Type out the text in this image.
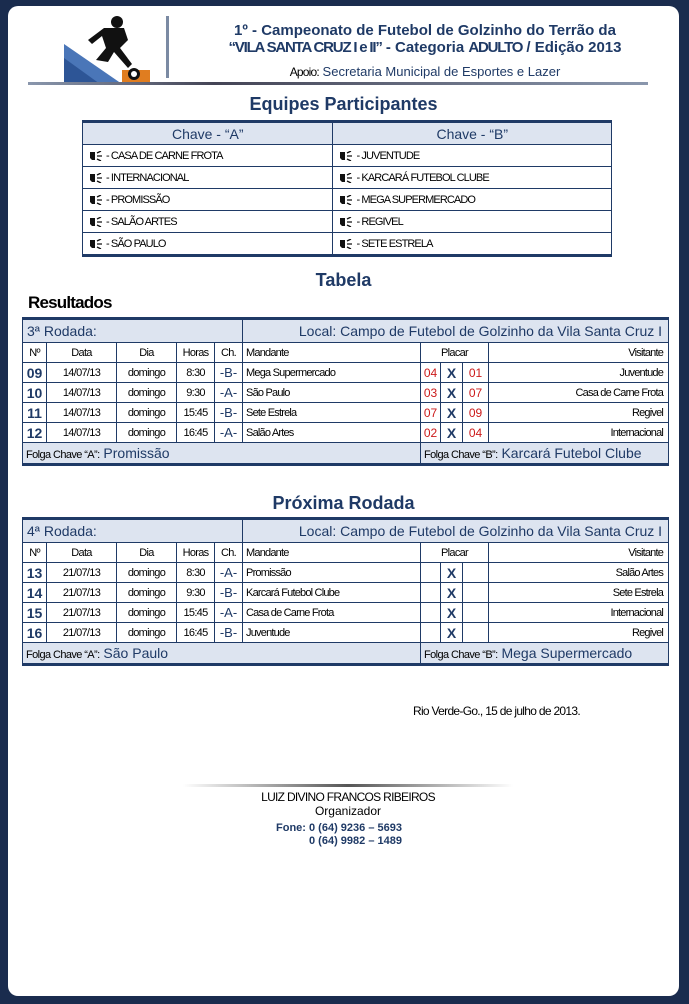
1º - Campeonato de Futebol de Golzinho do Terrão da
“VILA SANTA CRUZ I e II” - Categoria ADULTO / Edição 2013
Apoio: Secretaria Municipal de Esportes e Lazer
Equipes Participantes
Chave - “A”	Chave - “B”
- CASA DE CARNE FROTA	- JUVENTUDE
- INTERNACIONAL	- KARCARÁ FUTEBOL CLUBE
- PROMISSÃO	- MEGA SUPERMERCADO
- SALÃO ARTES	- REGIVEL
- SÃO PAULO	- SETE ESTRELA
Tabela
Resultados
3ª Rodada:					Local: Campo de Futebol de Golzinho da Vila Santa Cruz I				
Nº	Data	Dia	Horas	Ch.	Mandante	Placar			Visitante
09	14/07/13	domingo	8:30	-B-	Mega Supermercado	04	X	01	Juventude
10	14/07/13	domingo	9:30	-A-	São Paulo	03	X	07	Casa de Carne Frota
11	14/07/13	domingo	15:45	-B-	Sete Estrela	07	X	09	Regivel
12	14/07/13	domingo	16:45	-A-	Salão Artes	02	X	04	Internacional
Folga Chave “A”: Promissão						Folga Chave “B”: Karcará Futebol Clube			
Próxima Rodada
4ª Rodada:					Local: Campo de Futebol de Golzinho da Vila Santa Cruz I				
Nº	Data	Dia	Horas	Ch.	Mandante	Placar			Visitante
13	21/07/13	domingo	8:30	-A-	Promissão		X		Salão Artes
14	21/07/13	domingo	9:30	-B-	Karcará Futebol Clube		X		Sete Estrela
15	21/07/13	domingo	15:45	-A-	Casa de Carne Frota		X		Internacional
16	21/07/13	domingo	16:45	-B-	Juventude		X		Regivel
Folga Chave “A”: São Paulo						Folga Chave “B”: Mega Supermercado			
Rio Verde-Go., 15 de julho de 2013.
LUIZ DIVINO FRANCOS RIBEIROS
Organizador
Fone: 0 (64) 9236 – 5693
0 (64) 9982 – 1489
